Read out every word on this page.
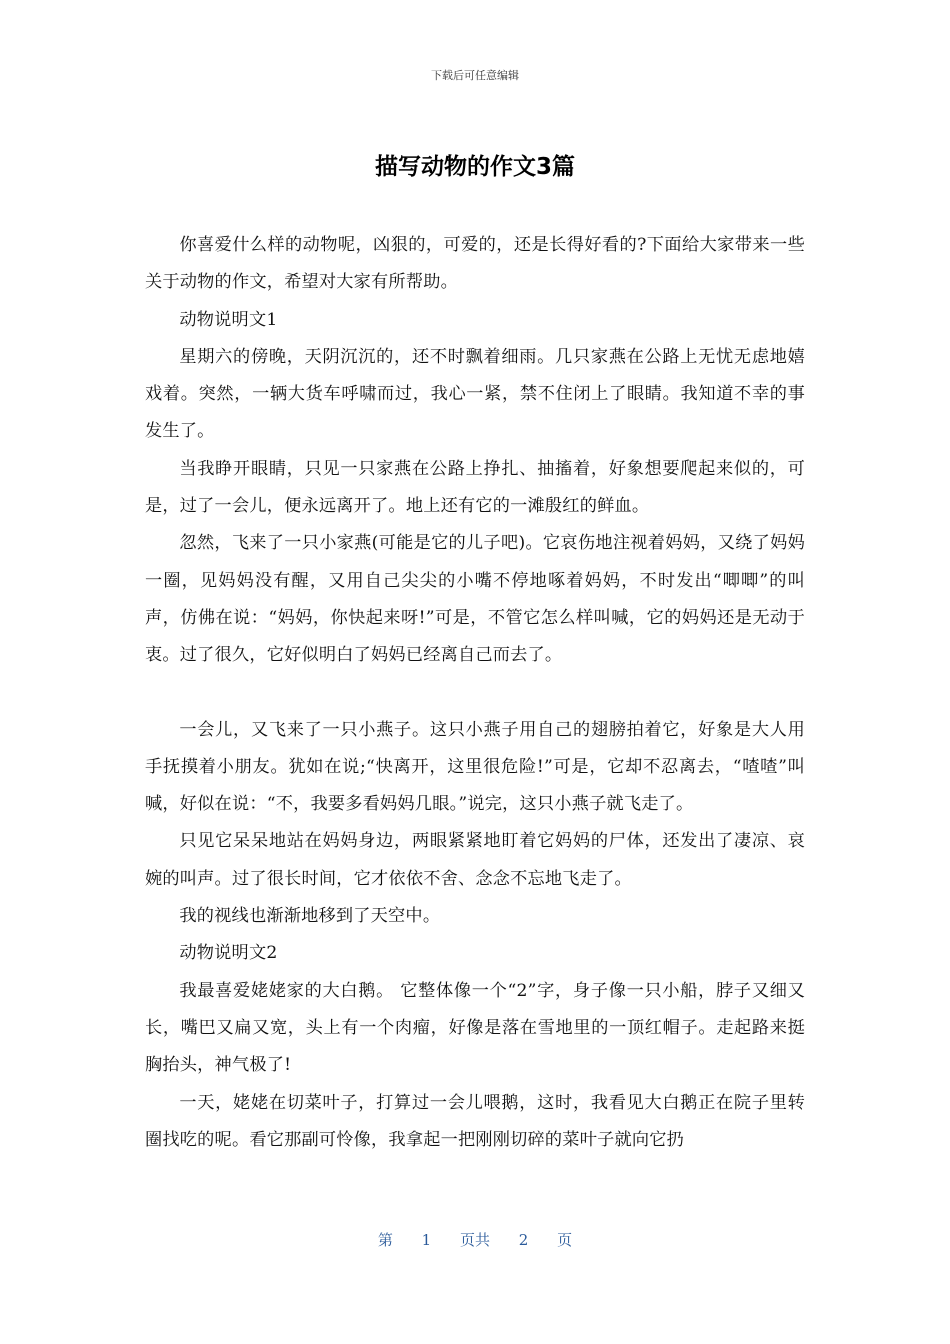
下载后可任意编辑
描写动物的作文3篇

你喜爱什么样的动物呢，凶狠的，可爱的，还是长得好看的?下面给大家带来一些关于动物的作文，希望对大家有所帮助。

动物说明文1

星期六的傍晚，天阴沉沉的，还不时飘着细雨。几只家燕在公路上无忧无虑地嬉戏着。突然，一辆大货车呼啸而过，我心一紧，禁不住闭上了眼睛。我知道不幸的事发生了。

当我睁开眼睛，只见一只家燕在公路上挣扎、抽搐着，好象想要爬起来似的，可是，过了一会儿，便永远离开了。地上还有它的一滩殷红的鲜血。

忽然，飞来了一只小家燕(可能是它的儿子吧)。它哀伤地注视着妈妈，又绕了妈妈一圈，见妈妈没有醒，又用自己尖尖的小嘴不停地啄着妈妈，不时发出“唧唧”的叫声，仿佛在说：“妈妈，你快起来呀!”可是，不管它怎么样叫喊，它的妈妈还是无动于衷。过了很久，它好似明白了妈妈已经离自己而去了。

一会儿，又飞来了一只小燕子。这只小燕子用自己的翅膀拍着它，好象是大人用手抚摸着小朋友。犹如在说;“快离开，这里很危险!”可是，它却不忍离去，“喳喳”叫喊，好似在说：“不，我要多看妈妈几眼。”说完，这只小燕子就飞走了。

只见它呆呆地站在妈妈身边，两眼紧紧地盯着它妈妈的尸体，还发出了凄凉、哀婉的叫声。过了很长时间，它才依依不舍、念念不忘地飞走了。

我的视线也渐渐地移到了天空中。

动物说明文2

我最喜爱姥姥家的大白鹅。 它整体像一个“2”字，身子像一只小船，脖子又细又长，嘴巴又扁又宽，头上有一个肉瘤，好像是落在雪地里的一顶红帽子。走起路来挺胸抬头，神气极了!

一天，姥姥在切菜叶子，打算过一会儿喂鹅，这时，我看见大白鹅正在院子里转圈找吃的呢。看它那副可怜像，我拿起一把刚刚切碎的菜叶子就向它扔

第 1 页共 2 页
